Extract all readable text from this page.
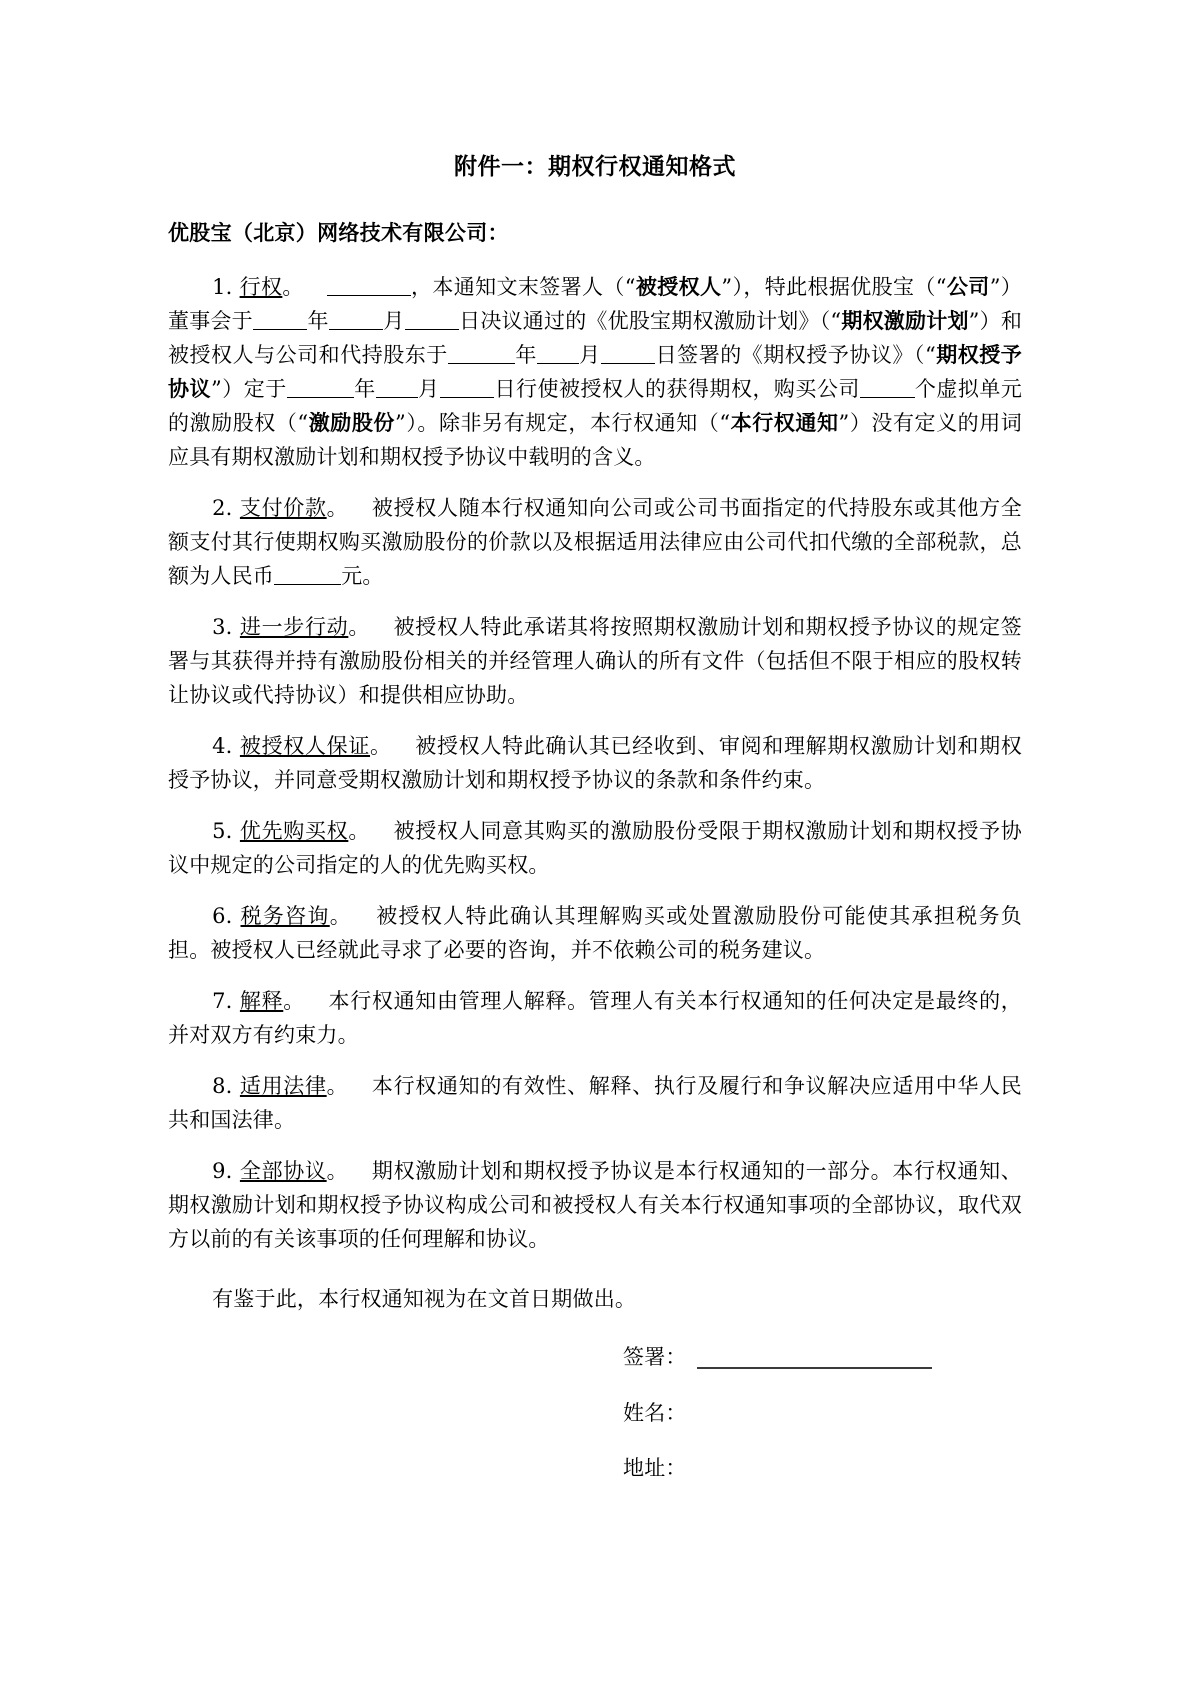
附件一：期权行权通知格式

优股宝（北京）网络技术有限公司：

1. 行权。	，本通知文末签署人（“被授权人”），特此根据优股宝（“公司”）董事会于	年	月	日决议通过的《优股宝期权激励计划》（“期权激励计划”）和被授权人与公司和代持股东于	年 月	日签署的《期权授予协议》（“期权授予协议”）定于	年 月	日行使被授权人的获得期权，购买公司	个虚拟单元的激励股权（“激励股份”）。除非另有规定，本行权通知（“本行权通知”）没有定义的用词应具有期权激励计划和期权授予协议中载明的含义。

2. 支付价款。 被授权人随本行权通知向公司或公司书面指定的代持股东或其他方全额支付其行使期权购买激励股份的价款以及根据适用法律应由公司代扣代缴的全部税款，总额为人民币	元。

3. 进一步行动。 被授权人特此承诺其将按照期权激励计划和期权授予协议的规定签署与其获得并持有激励股份相关的并经管理人确认的所有文件（包括但不限于相应的股权转让协议或代持协议）和提供相应协助。

4. 被授权人保证。 被授权人特此确认其已经收到、审阅和理解期权激励计划和期权授予协议，并同意受期权激励计划和期权授予协议的条款和条件约束。

5. 优先购买权。 被授权人同意其购买的激励股份受限于期权激励计划和期权授予协议中规定的公司指定的人的优先购买权。

6. 税务咨询。 被授权人特此确认其理解购买或处置激励股份可能使其承担税务负担。被授权人已经就此寻求了必要的咨询，并不依赖公司的税务建议。

7. 解释。 本行权通知由管理人解释。管理人有关本行权通知的任何决定是最终的，并对双方有约束力。

8. 适用法律。 本行权通知的有效性、解释、执行及履行和争议解决应适用中华人民共和国法律。

9. 全部协议。 期权激励计划和期权授予协议是本行权通知的一部分。本行权通知、期权激励计划和期权授予协议构成公司和被授权人有关本行权通知事项的全部协议，取代双方以前的有关该事项的任何理解和协议。

有鉴于此，本行权通知视为在文首日期做出。

签署：
姓名：
地址：
